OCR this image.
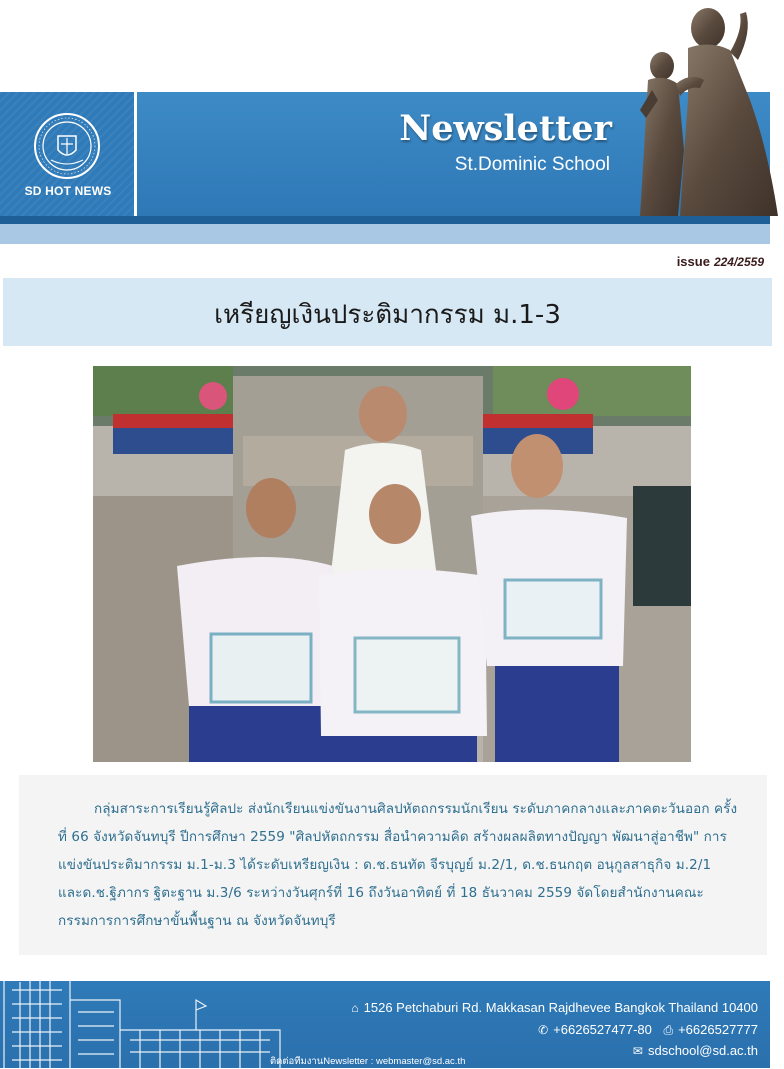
SD HOT NEWS
Newsletter
St.Dominic School
issue 224/2559
เหรียญเงินประติมากรรม ม.1-3
กลุ่มสาระการเรียนรู้ศิลปะ ส่งนักเรียนแข่งขันงานศิลปหัตถกรรมนักเรียน ระดับภาคกลางและภาคตะวันออก ครั้งที่ 66 จังหวัดจันทบุรี ปีการศึกษา 2559 "ศิลปหัตถกรรม สื่อนำความคิด สร้างผลผลิตทางปัญญา พัฒนาสู่อาชีพ" การแข่งขันประติมากรรม ม.1-ม.3 ได้ระดับเหรียญเงิน : ด.ช.ธนทัต จีรบุญย์ ม.2/1, ด.ช.ธนกฤต อนุกูลสาธุกิจ ม.2/1 และด.ช.ฐิภากร ฐิตะฐาน ม.3/6 ระหว่างวันศุกร์ที่ 16 ถึงวันอาทิตย์ ที่ 18 ธันวาคม 2559 จัดโดยสำนักงานคณะกรรมการการศึกษาขั้นพื้นฐาน ณ จังหวัดจันทบุรี
⌂ 1526 Petchaburi Rd. Makkasan Rajdhevee Bangkok Thailand 10400
✆ +6626527477-80 ⎙ +6626527777
✉ sdschool@sd.ac.th
ติดต่อทีมงานNewsletter : webmaster@sd.ac.th
